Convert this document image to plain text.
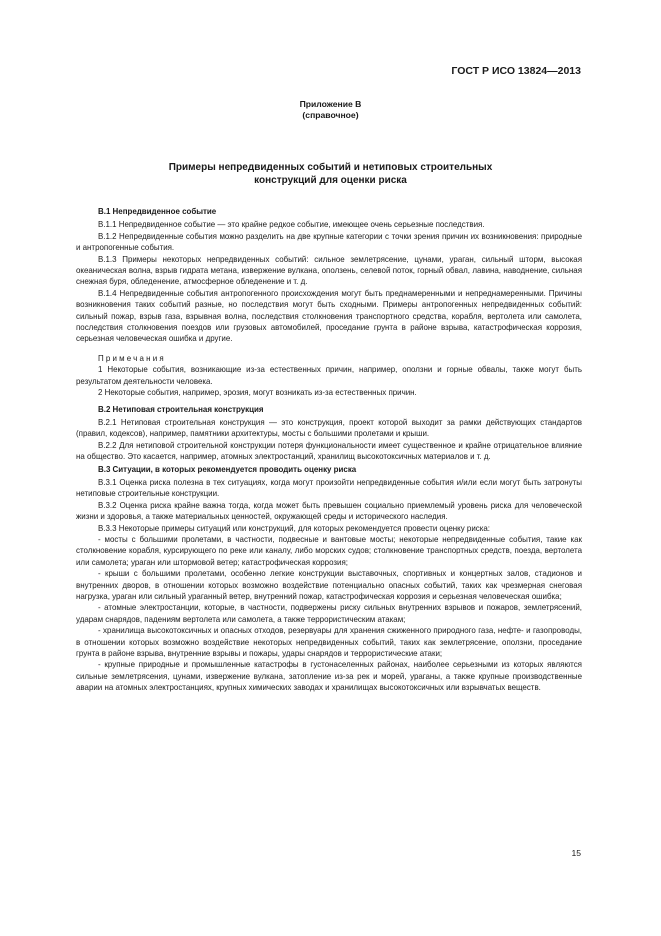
ГОСТ Р ИСО 13824—2013
Приложение В
(справочное)
Примеры непредвиденных событий и нетиповых строительных
конструкций для оценки риска

В.1 Непредвиденное событие

В.1.1 Непредвиденное событие — это крайне редкое событие, имеющее очень серьезные последствия.

В.1.2 Непредвиденные события можно разделить на две крупные категории с точки зрения причин их возникновения: природные и антропогенные события.

В.1.3 Примеры некоторых непредвиденных событий: сильное землетрясение, цунами, ураган, сильный шторм, высокая океаническая волна, взрыв гидрата метана, извержение вулкана, оползень, селевой поток, горный обвал, лавина, наводнение, сильная снежная буря, обледенение, атмосферное обледенение и т. д.

В.1.4 Непредвиденные события антропогенного происхождения могут быть преднамеренными и непреднамеренными. Причины возникновения таких событий разные, но последствия могут быть сходными. Примеры антропогенных непредвиденных событий: сильный пожар, взрыв газа, взрывная волна, последствия столкновения транспортного средства, корабля, вертолета или самолета, последствия столкновения поездов или грузовых автомобилей, проседание грунта в районе взрыва, катастрофическая коррозия, серьезная человеческая ошибка и другие.

Примечания

1 Некоторые события, возникающие из-за естественных причин, например, оползни и горные обвалы, также могут быть результатом деятельности человека.

2 Некоторые события, например, эрозия, могут возникать из-за естественных причин.

В.2 Нетиповая строительная конструкция

В.2.1 Нетиповая строительная конструкция — это конструкция, проект которой выходит за рамки действующих стандартов (правил, кодексов), например, памятники архитектуры, мосты с большими пролетами и крыши.

В.2.2 Для нетиповой строительной конструкции потеря функциональности имеет существенное и крайне отрицательное влияние на общество. Это касается, например, атомных электростанций, хранилищ высокотоксичных материалов и т. д.

В.3 Ситуации, в которых рекомендуется проводить оценку риска

В.3.1 Оценка риска полезна в тех ситуациях, когда могут произойти непредвиденные события и/или если могут быть затронуты нетиповые строительные конструкции.

В.3.2 Оценка риска крайне важна тогда, когда может быть превышен социально приемлемый уровень риска для человеческой жизни и здоровья, а также материальных ценностей, окружающей среды и исторического наследия.

В.3.3 Некоторые примеры ситуаций или конструкций, для которых рекомендуется провести оценку риска:

- мосты с большими пролетами, в частности, подвесные и вантовые мосты; некоторые непредвиденные события, такие как столкновение корабля, курсирующего по реке или каналу, либо морских судов; столкновение транспортных средств, поезда, вертолета или самолета; ураган или штормовой ветер; катастрофическая коррозия;

- крыши с большими пролетами, особенно легкие конструкции выставочных, спортивных и концертных залов, стадионов и внутренних дворов, в отношении которых возможно воздействие потенциально опасных событий, таких как чрезмерная снеговая нагрузка, ураган или сильный ураганный ветер, внутренний пожар, катастрофическая коррозия и серьезная человеческая ошибка;

- атомные электростанции, которые, в частности, подвержены риску сильных внутренних взрывов и пожаров, землетрясений, ударам снарядов, падениям вертолета или самолета, а также террористическим атакам;

- хранилища высокотоксичных и опасных отходов, резервуары для хранения сжиженного природного газа, нефте- и газопроводы, в отношении которых возможно воздействие некоторых непредвиденных событий, таких как землетрясение, оползни, проседание грунта в районе взрыва, внутренние взрывы и пожары, удары снарядов и террористические атаки;

- крупные природные и промышленные катастрофы в густонаселенных районах, наиболее серьезными из которых являются сильные землетрясения, цунами, извержение вулкана, затопление из-за рек и морей, ураганы, а также крупные производственные аварии на атомных электростанциях, крупных химических заводах и хранилищах высокотоксичных или взрывчатых веществ.

15
